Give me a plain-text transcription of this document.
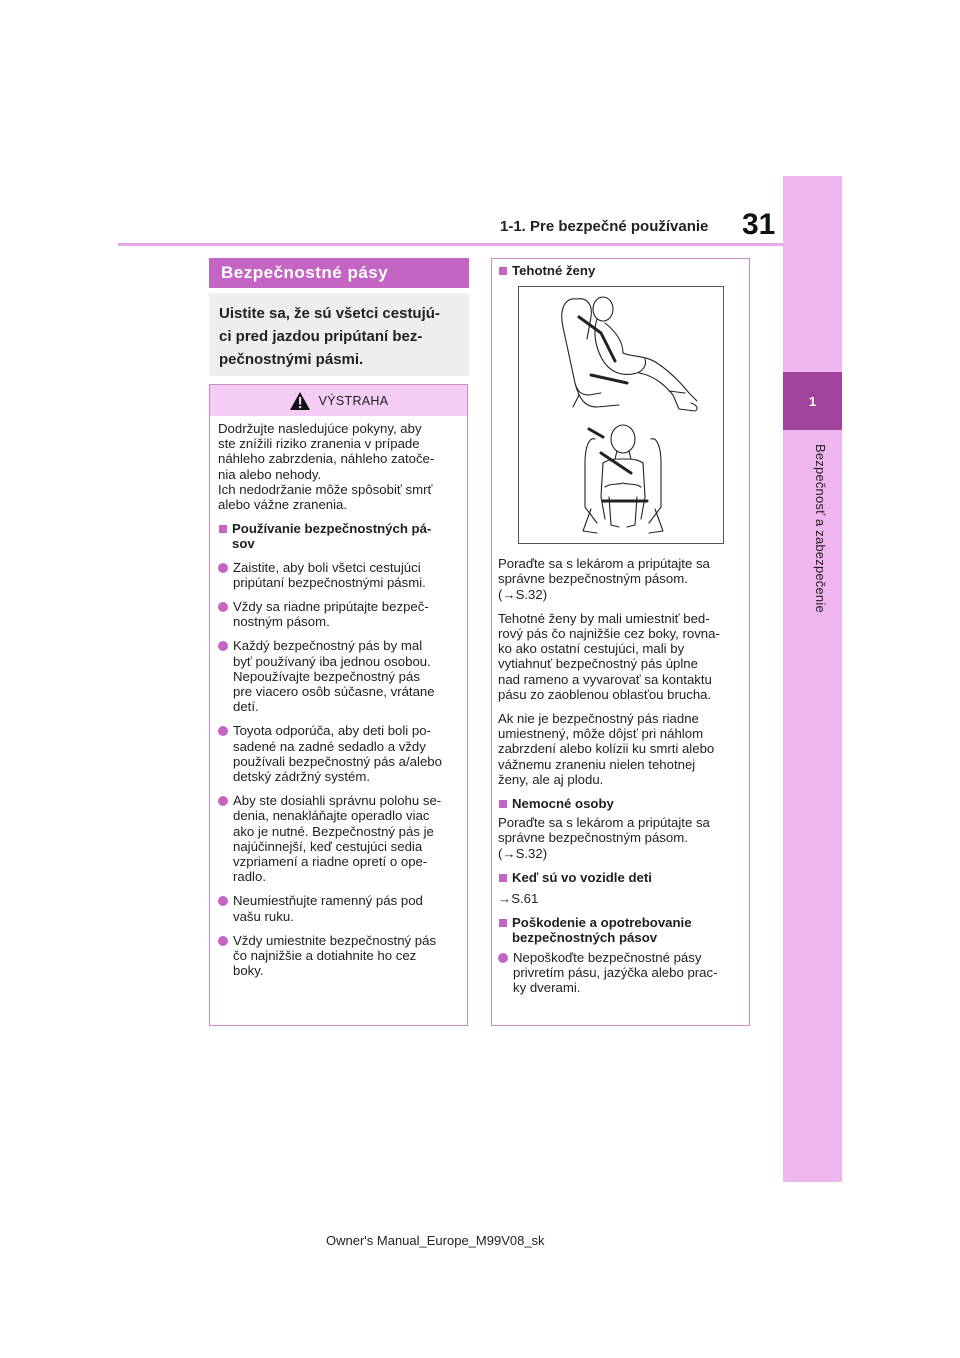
31
1-1. Pre bezpečné používanie
1
Bezpečnosť a zabezpečenie
Bezpečnostné pásy
Uistite sa, že sú všetci cestujú-
ci pred jazdou pripútaní bez-
pečnostnými pásmi.
VÝSTRAHA
Dodržujte nasledujúce pokyny, aby
ste znížili riziko zranenia v prípade
náhleho zabrzdenia, náhleho zatoče-
nia alebo nehody.
Ich nedodržanie môže spôsobiť smrť
alebo vážne zranenia.
Používanie bezpečnostných pá-
sov
Zaistite, aby boli všetci cestujúci
pripútaní bezpečnostnými pásmi.
Vždy sa riadne pripútajte bezpeč-
nostným pásom.
Každý bezpečnostný pás by mal
byť používaný iba jednou osobou.
Nepoužívajte bezpečnostný pás
pre viacero osôb súčasne, vrátane
detí.
Toyota odporúča, aby deti boli po-
sadené na zadné sedadlo a vždy
používali bezpečnostný pás a/alebo
detský zádržný systém.
Aby ste dosiahli správnu polohu se-
denia, nenakláňajte operadlo viac
ako je nutné. Bezpečnostný pás je
najúčinnejší, keď cestujúci sedia
vzpriamení a riadne opretí o ope-
radlo.
Neumiestňujte ramenný pás pod
vašu ruku.
Vždy umiestnite bezpečnostný pás
čo najnižšie a dotiahnite ho cez
boky.
Tehotné ženy
Poraďte sa s lekárom a pripútajte sa
správne bezpečnostným pásom.
(→S.32)
Tehotné ženy by mali umiestniť bed-
rový pás čo najnižšie cez boky, rovna-
ko ako ostatní cestujúci, mali by
vytiahnuť bezpečnostný pás úplne
nad rameno a vyvarovať sa kontaktu
pásu zo zaoblenou oblasťou brucha.
Ak nie je bezpečnostný pás riadne
umiestnený, môže dôjsť pri náhlom
zabrzdení alebo kolízii ku smrti alebo
vážnemu zraneniu nielen tehotnej
ženy, ale aj plodu.
Nemocné osoby
Poraďte sa s lekárom a pripútajte sa
správne bezpečnostným pásom.
(→S.32)
Keď sú vo vozidle deti
→S.61
Poškodenie a opotrebovanie
bezpečnostných pásov
Nepoškoďte bezpečnostné pásy
privretím pásu, jazýčka alebo prac-
ky dverami.
Owner's Manual_Europe_M99V08_sk
